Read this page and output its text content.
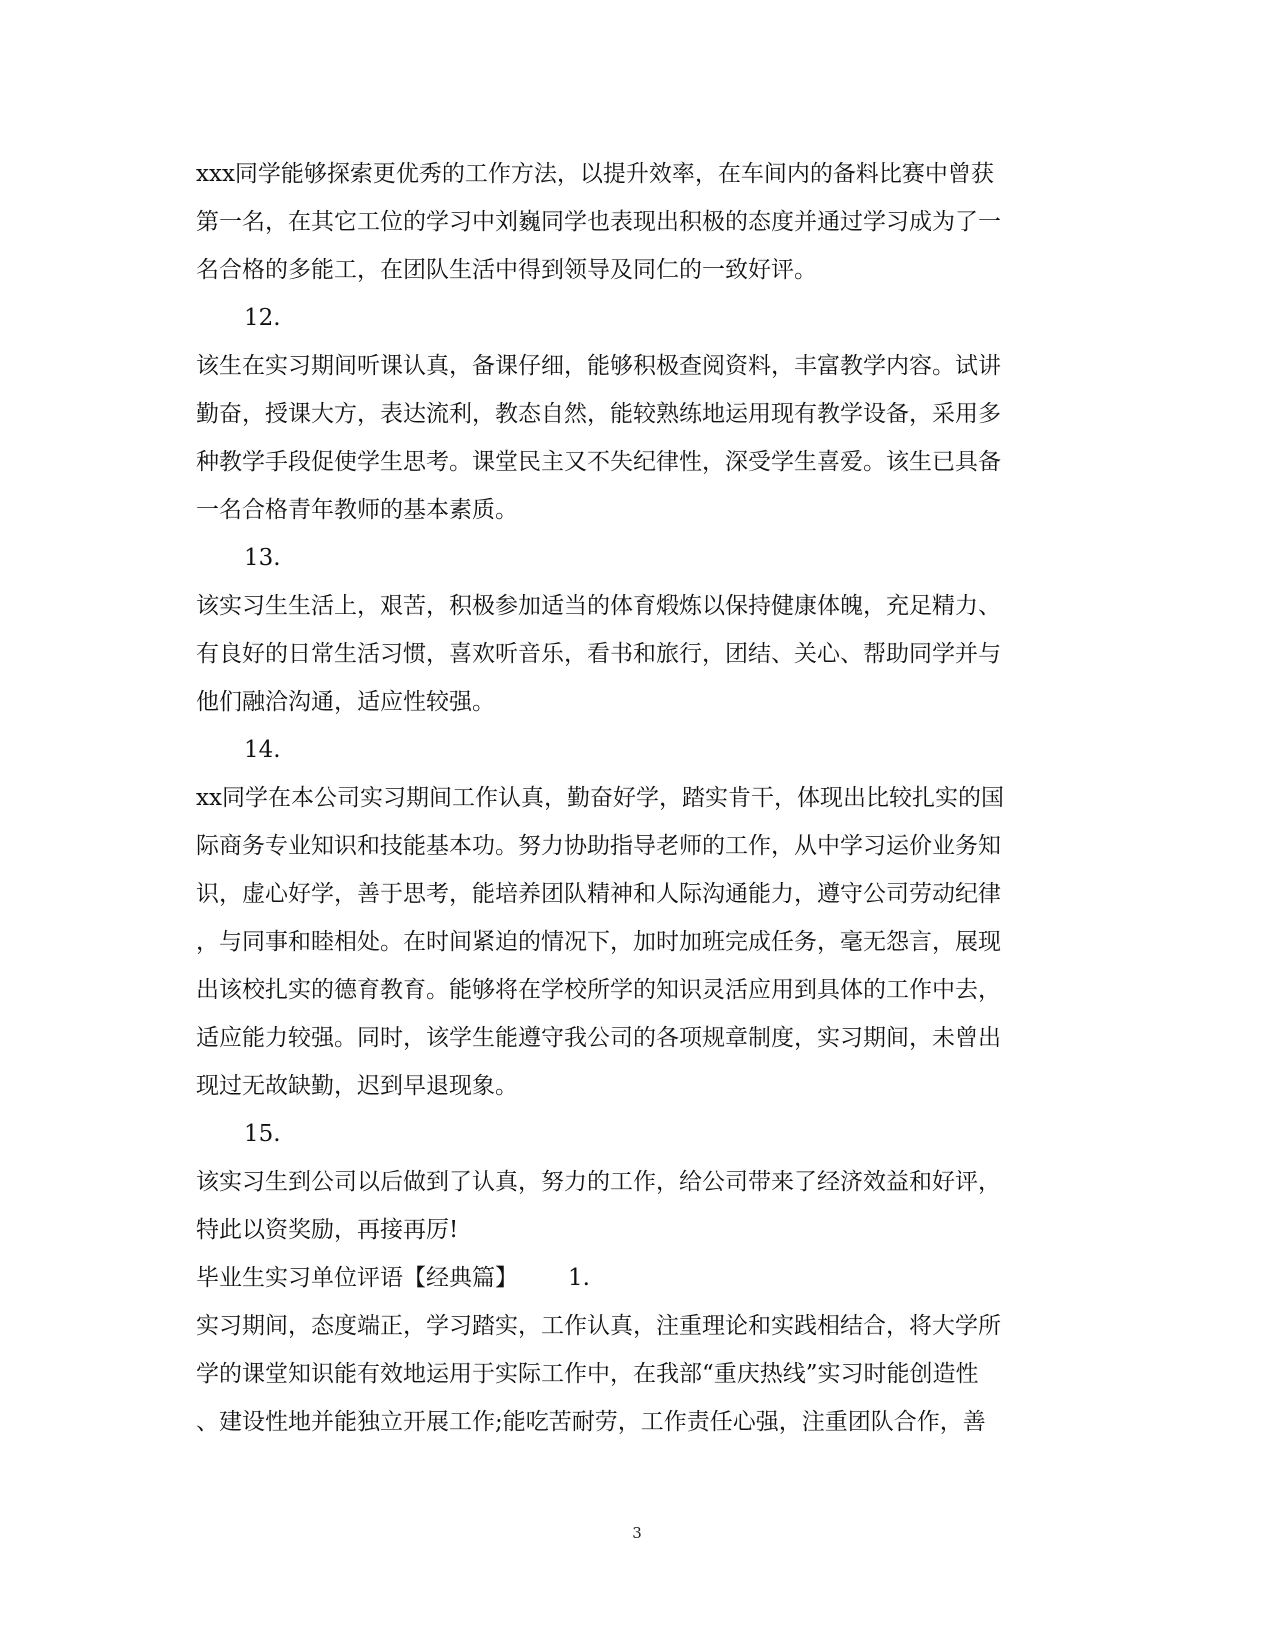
xxx同学能够探索更优秀的工作方法，以提升效率，在车间内的备料比赛中曾获
第一名，在其它工位的学习中刘巍同学也表现出积极的态度并通过学习成为了一
名合格的多能工，在团队生活中得到领导及同仁的一致好评。
12.
该生在实习期间听课认真，备课仔细，能够积极查阅资料，丰富教学内容。试讲
勤奋，授课大方，表达流利，教态自然，能较熟练地运用现有教学设备，采用多
种教学手段促使学生思考。课堂民主又不失纪律性，深受学生喜爱。该生已具备
一名合格青年教师的基本素质。
13.
该实习生生活上，艰苦，积极参加适当的体育煅炼以保持健康体魄，充足精力、
有良好的日常生活习惯，喜欢听音乐，看书和旅行，团结、关心、帮助同学并与
他们融洽沟通，适应性较强。
14.
xx同学在本公司实习期间工作认真，勤奋好学，踏实肯干，体现出比较扎实的国
际商务专业知识和技能基本功。努力协助指导老师的工作，从中学习运价业务知
识，虚心好学，善于思考，能培养团队精神和人际沟通能力，遵守公司劳动纪律
，与同事和睦相处。在时间紧迫的情况下，加时加班完成任务，毫无怨言，展现
出该校扎实的德育教育。能够将在学校所学的知识灵活应用到具体的工作中去，
适应能力较强。同时，该学生能遵守我公司的各项规章制度，实习期间，未曾出
现过无故缺勤，迟到早退现象。
15.
该实习生到公司以后做到了认真，努力的工作，给公司带来了经济效益和好评，
特此以资奖励，再接再厉!
毕业生实习单位评语【经典篇】 1.
实习期间，态度端正，学习踏实，工作认真，注重理论和实践相结合，将大学所
学的课堂知识能有效地运用于实际工作中，在我部“重庆热线”实习时能创造性
、建设性地并能独立开展工作;能吃苦耐劳，工作责任心强，注重团队合作，善
3
